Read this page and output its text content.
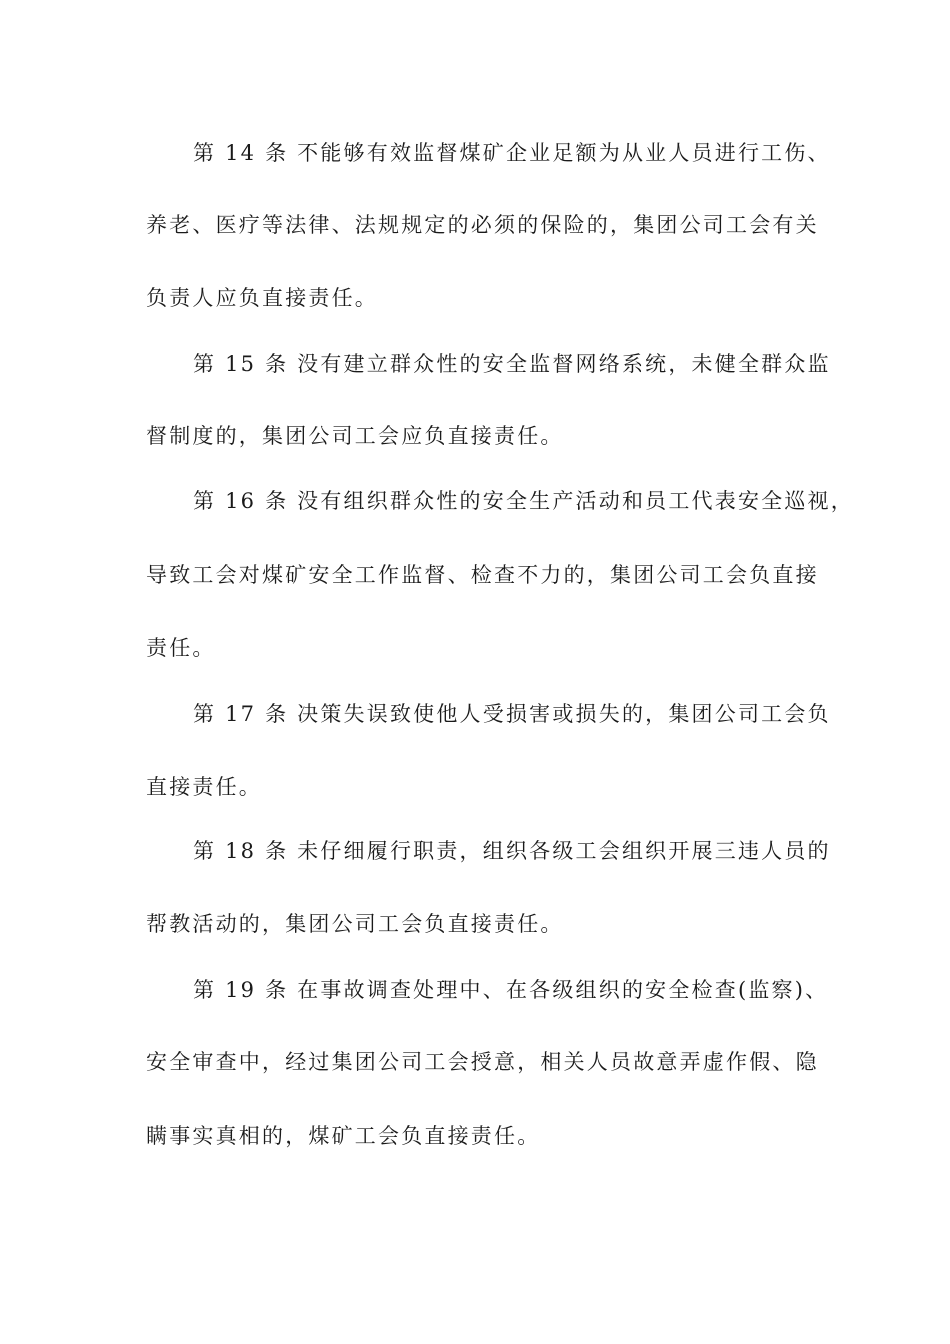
第 14 条 不能够有效监督煤矿企业足额为从业人员进行工伤、
养老、医疗等法律、法规规定的必须的保险的，集团公司工会有关
负责人应负直接责任。
第 15 条 没有建立群众性的安全监督网络系统，未健全群众监
督制度的，集团公司工会应负直接责任。
第 16 条 没有组织群众性的安全生产活动和员工代表安全巡视，
导致工会对煤矿安全工作监督、检查不力的，集团公司工会负直接
责任。
第 17 条 决策失误致使他人受损害或损失的，集团公司工会负
直接责任。
第 18 条 未仔细履行职责，组织各级工会组织开展三违人员的
帮教活动的，集团公司工会负直接责任。
第 19 条 在事故调查处理中、在各级组织的安全检查(监察)、
安全审查中，经过集团公司工会授意，相关人员故意弄虚作假、隐
瞒事实真相的，煤矿工会负直接责任。
